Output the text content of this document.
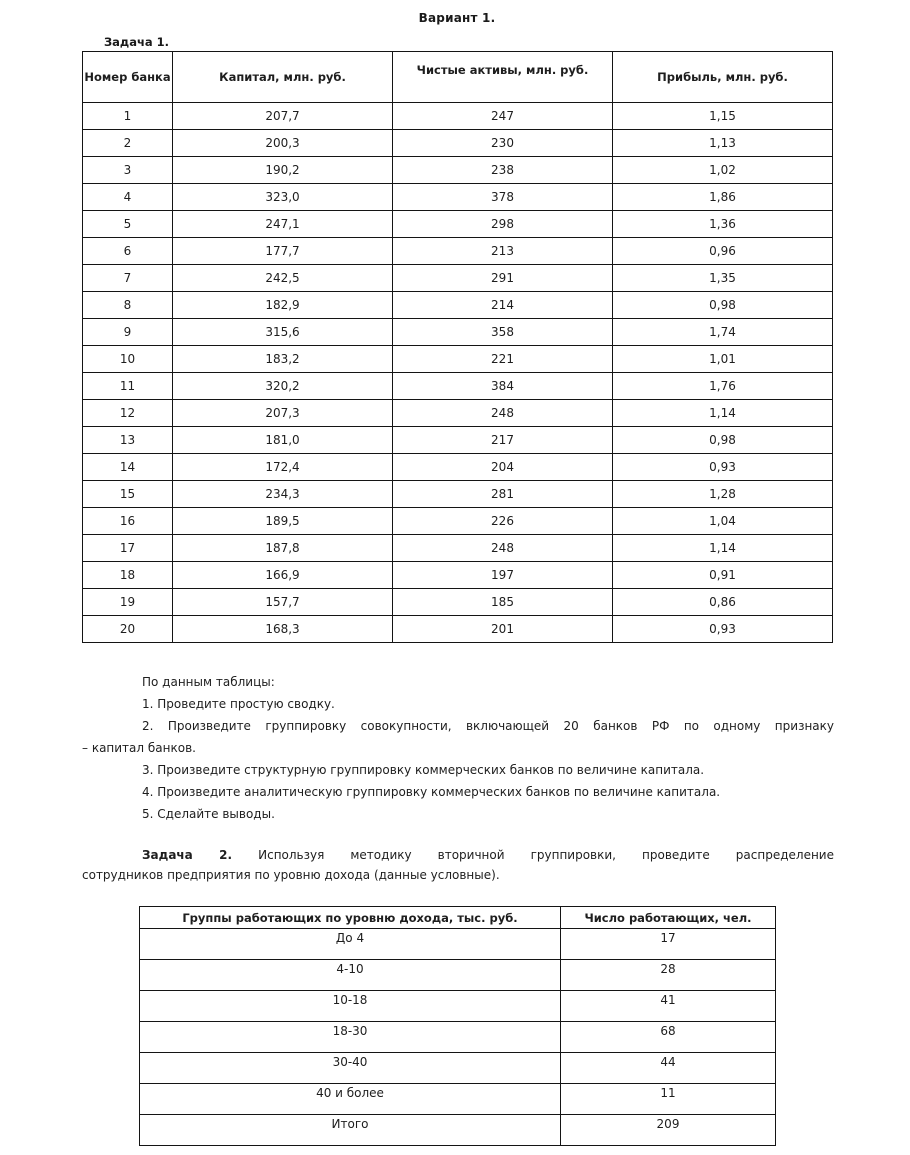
Вариант 1.
Задача 1.
Номер банка	Капитал, млн. руб.	Чистые активы, млн. руб.	Прибыль, млн. руб.
1	207,7	247	1,15
2	200,3	230	1,13
3	190,2	238	1,02
4	323,0	378	1,86
5	247,1	298	1,36
6	177,7	213	0,96
7	242,5	291	1,35
8	182,9	214	0,98
9	315,6	358	1,74
10	183,2	221	1,01
11	320,2	384	1,76
12	207,3	248	1,14
13	181,0	217	0,98
14	172,4	204	0,93
15	234,3	281	1,28
16	189,5	226	1,04
17	187,8	248	1,14
18	166,9	197	0,91
19	157,7	185	0,86
20	168,3	201	0,93
По данным таблицы:
1. Проведите простую сводку.
2. Произведите группировку совокупности, включающей 20 банков РФ по одному признаку
– капитал банков.
3. Произведите структурную группировку коммерческих банков по величине капитала.
4. Произведите аналитическую группировку коммерческих банков по величине капитала.
5. Сделайте выводы.
Задача 2. Используя методику вторичной группировки, проведите распределение
сотрудников предприятия по уровню дохода (данные условные).
Группы работающих по уровню дохода, тыс. руб.	Число работающих, чел.
До 4	17
4-10	28
10-18	41
18-30	68
30-40	44
40 и более	11
Итого	209
